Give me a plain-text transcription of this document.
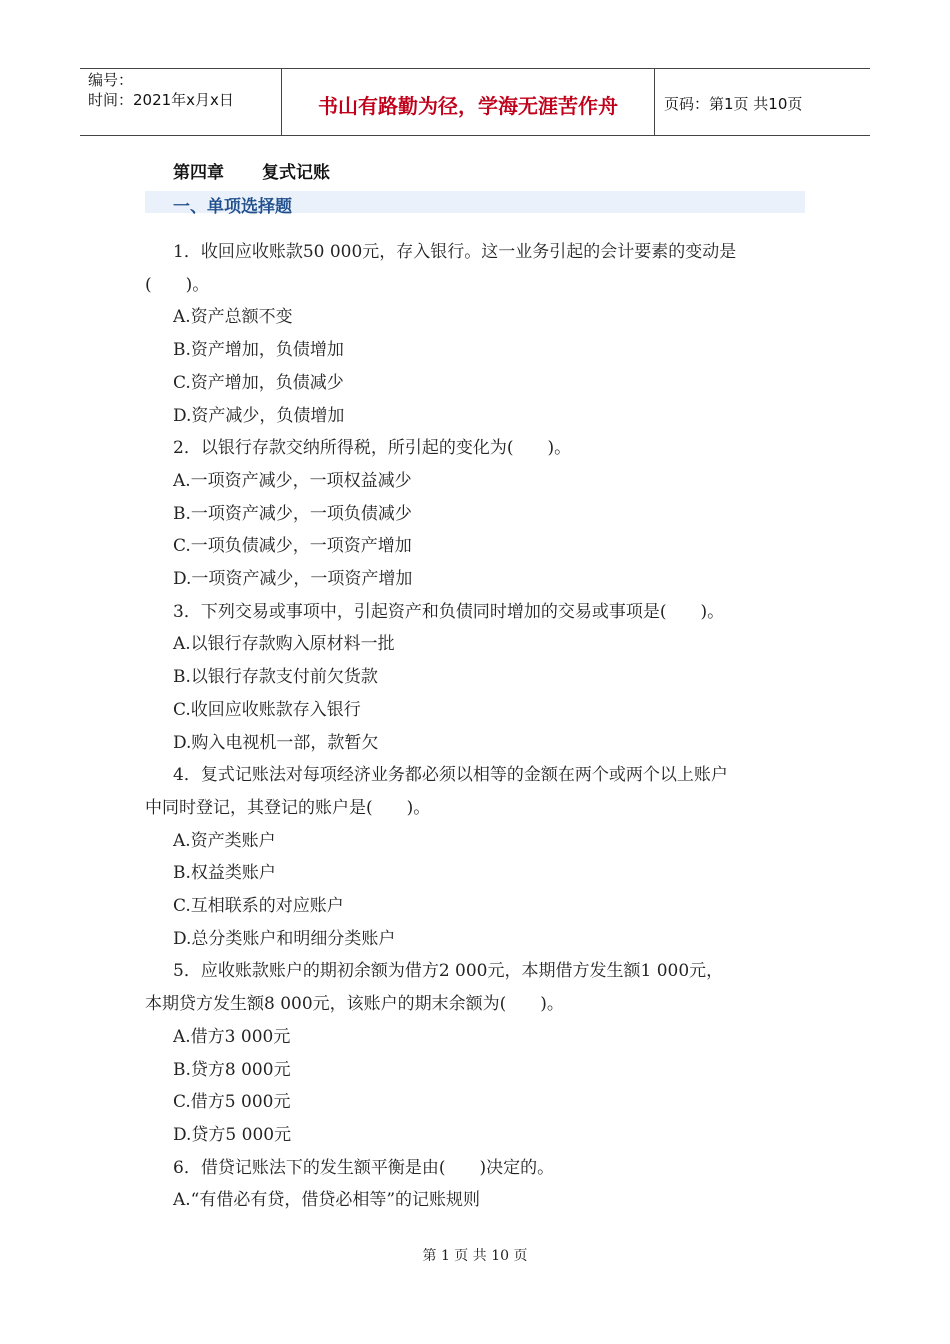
编号：
时间：2021年x月x日	书山有路勤为径，学海无涯苦作舟	页码：第1页 共10页
第四章 复式记账
一、单项选择题
1．收回应收账款50 000元，存入银行。这一业务引起的会计要素的变动是
(　　)。
A.资产总额不变
B.资产增加，负债增加
C.资产增加，负债减少
D.资产减少，负债增加
2．以银行存款交纳所得税，所引起的变化为(　　)。
A.一项资产减少，一项权益减少
B.一项资产减少，一项负债减少
C.一项负债减少，一项资产增加
D.一项资产减少，一项资产增加
3．下列交易或事项中，引起资产和负债同时增加的交易或事项是(　　)。
A.以银行存款购入原材料一批
B.以银行存款支付前欠货款
C.收回应收账款存入银行
D.购入电视机一部，款暂欠
4．复式记账法对每项经济业务都必须以相等的金额在两个或两个以上账户
中同时登记，其登记的账户是(　　)。
A.资产类账户
B.权益类账户
C.互相联系的对应账户
D.总分类账户和明细分类账户
5．应收账款账户的期初余额为借方2 000元，本期借方发生额1 000元，
本期贷方发生额8 000元，该账户的期末余额为(　　)。
A.借方3 000元
B.贷方8 000元
C.借方5 000元
D.贷方5 000元
6．借贷记账法下的发生额平衡是由(　　)决定的。
A.“有借必有贷，借贷必相等”的记账规则
第 1 页 共 10 页
